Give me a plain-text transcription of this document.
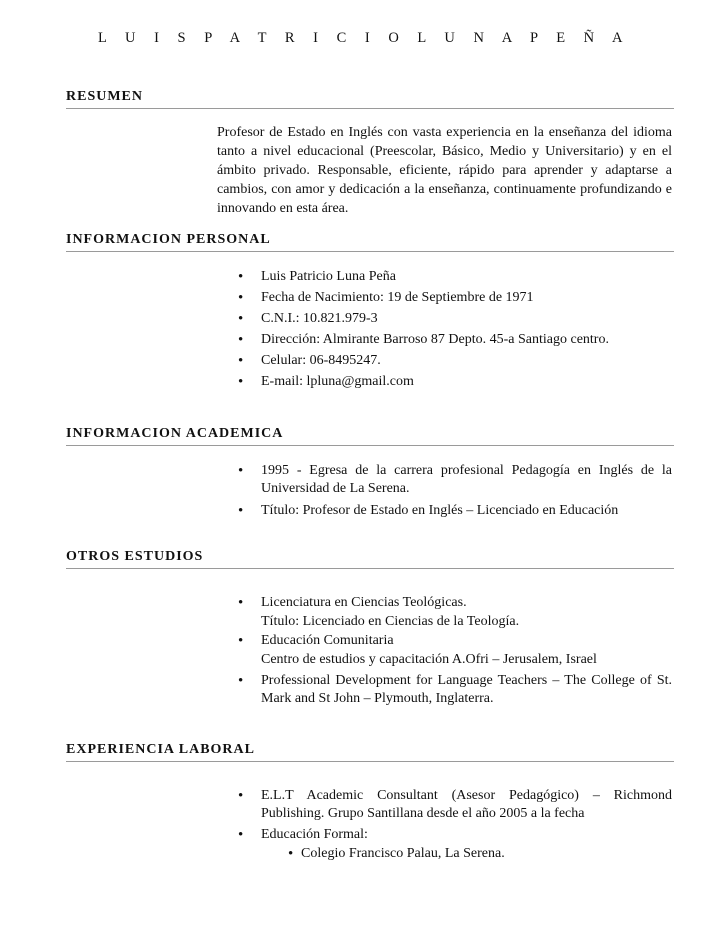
L U I S P A T R I C I O L U N A P E Ñ A
RESUMEN
Profesor de Estado en Inglés con vasta experiencia en la enseñanza del idioma tanto a nivel educacional (Preescolar, Básico, Medio y Universitario) y en el ámbito privado. Responsable, eficiente, rápido para aprender y adaptarse a cambios, con amor y dedicación a la enseñanza, continuamente profundizando e innovando en esta área.
INFORMACION PERSONAL
• Luis Patricio Luna Peña
• Fecha de Nacimiento: 19 de Septiembre de 1971
• C.N.I.: 10.821.979-3
• Dirección: Almirante Barroso 87 Depto. 45-a Santiago centro.
• Celular: 06-8495247.
• E-mail: lpluna@gmail.com
INFORMACION ACADEMICA
• 1995 - Egresa de la carrera profesional Pedagogía en Inglés de la Universidad de La Serena.
• Título: Profesor de Estado en Inglés – Licenciado en Educación
OTROS ESTUDIOS
• Licenciatura en Ciencias Teológicas.
Título: Licenciado en Ciencias de la Teología.
• Educación Comunitaria
Centro de estudios y capacitación A.Ofri – Jerusalem, Israel
• Professional Development for Language Teachers – The College of St. Mark and St John – Plymouth, Inglaterra.
EXPERIENCIA LABORAL
• E.L.T Academic Consultant (Asesor Pedagógico) – Richmond Publishing. Grupo Santillana desde el año 2005 a la fecha
• Educación Formal:
• Colegio Francisco Palau, La Serena.
